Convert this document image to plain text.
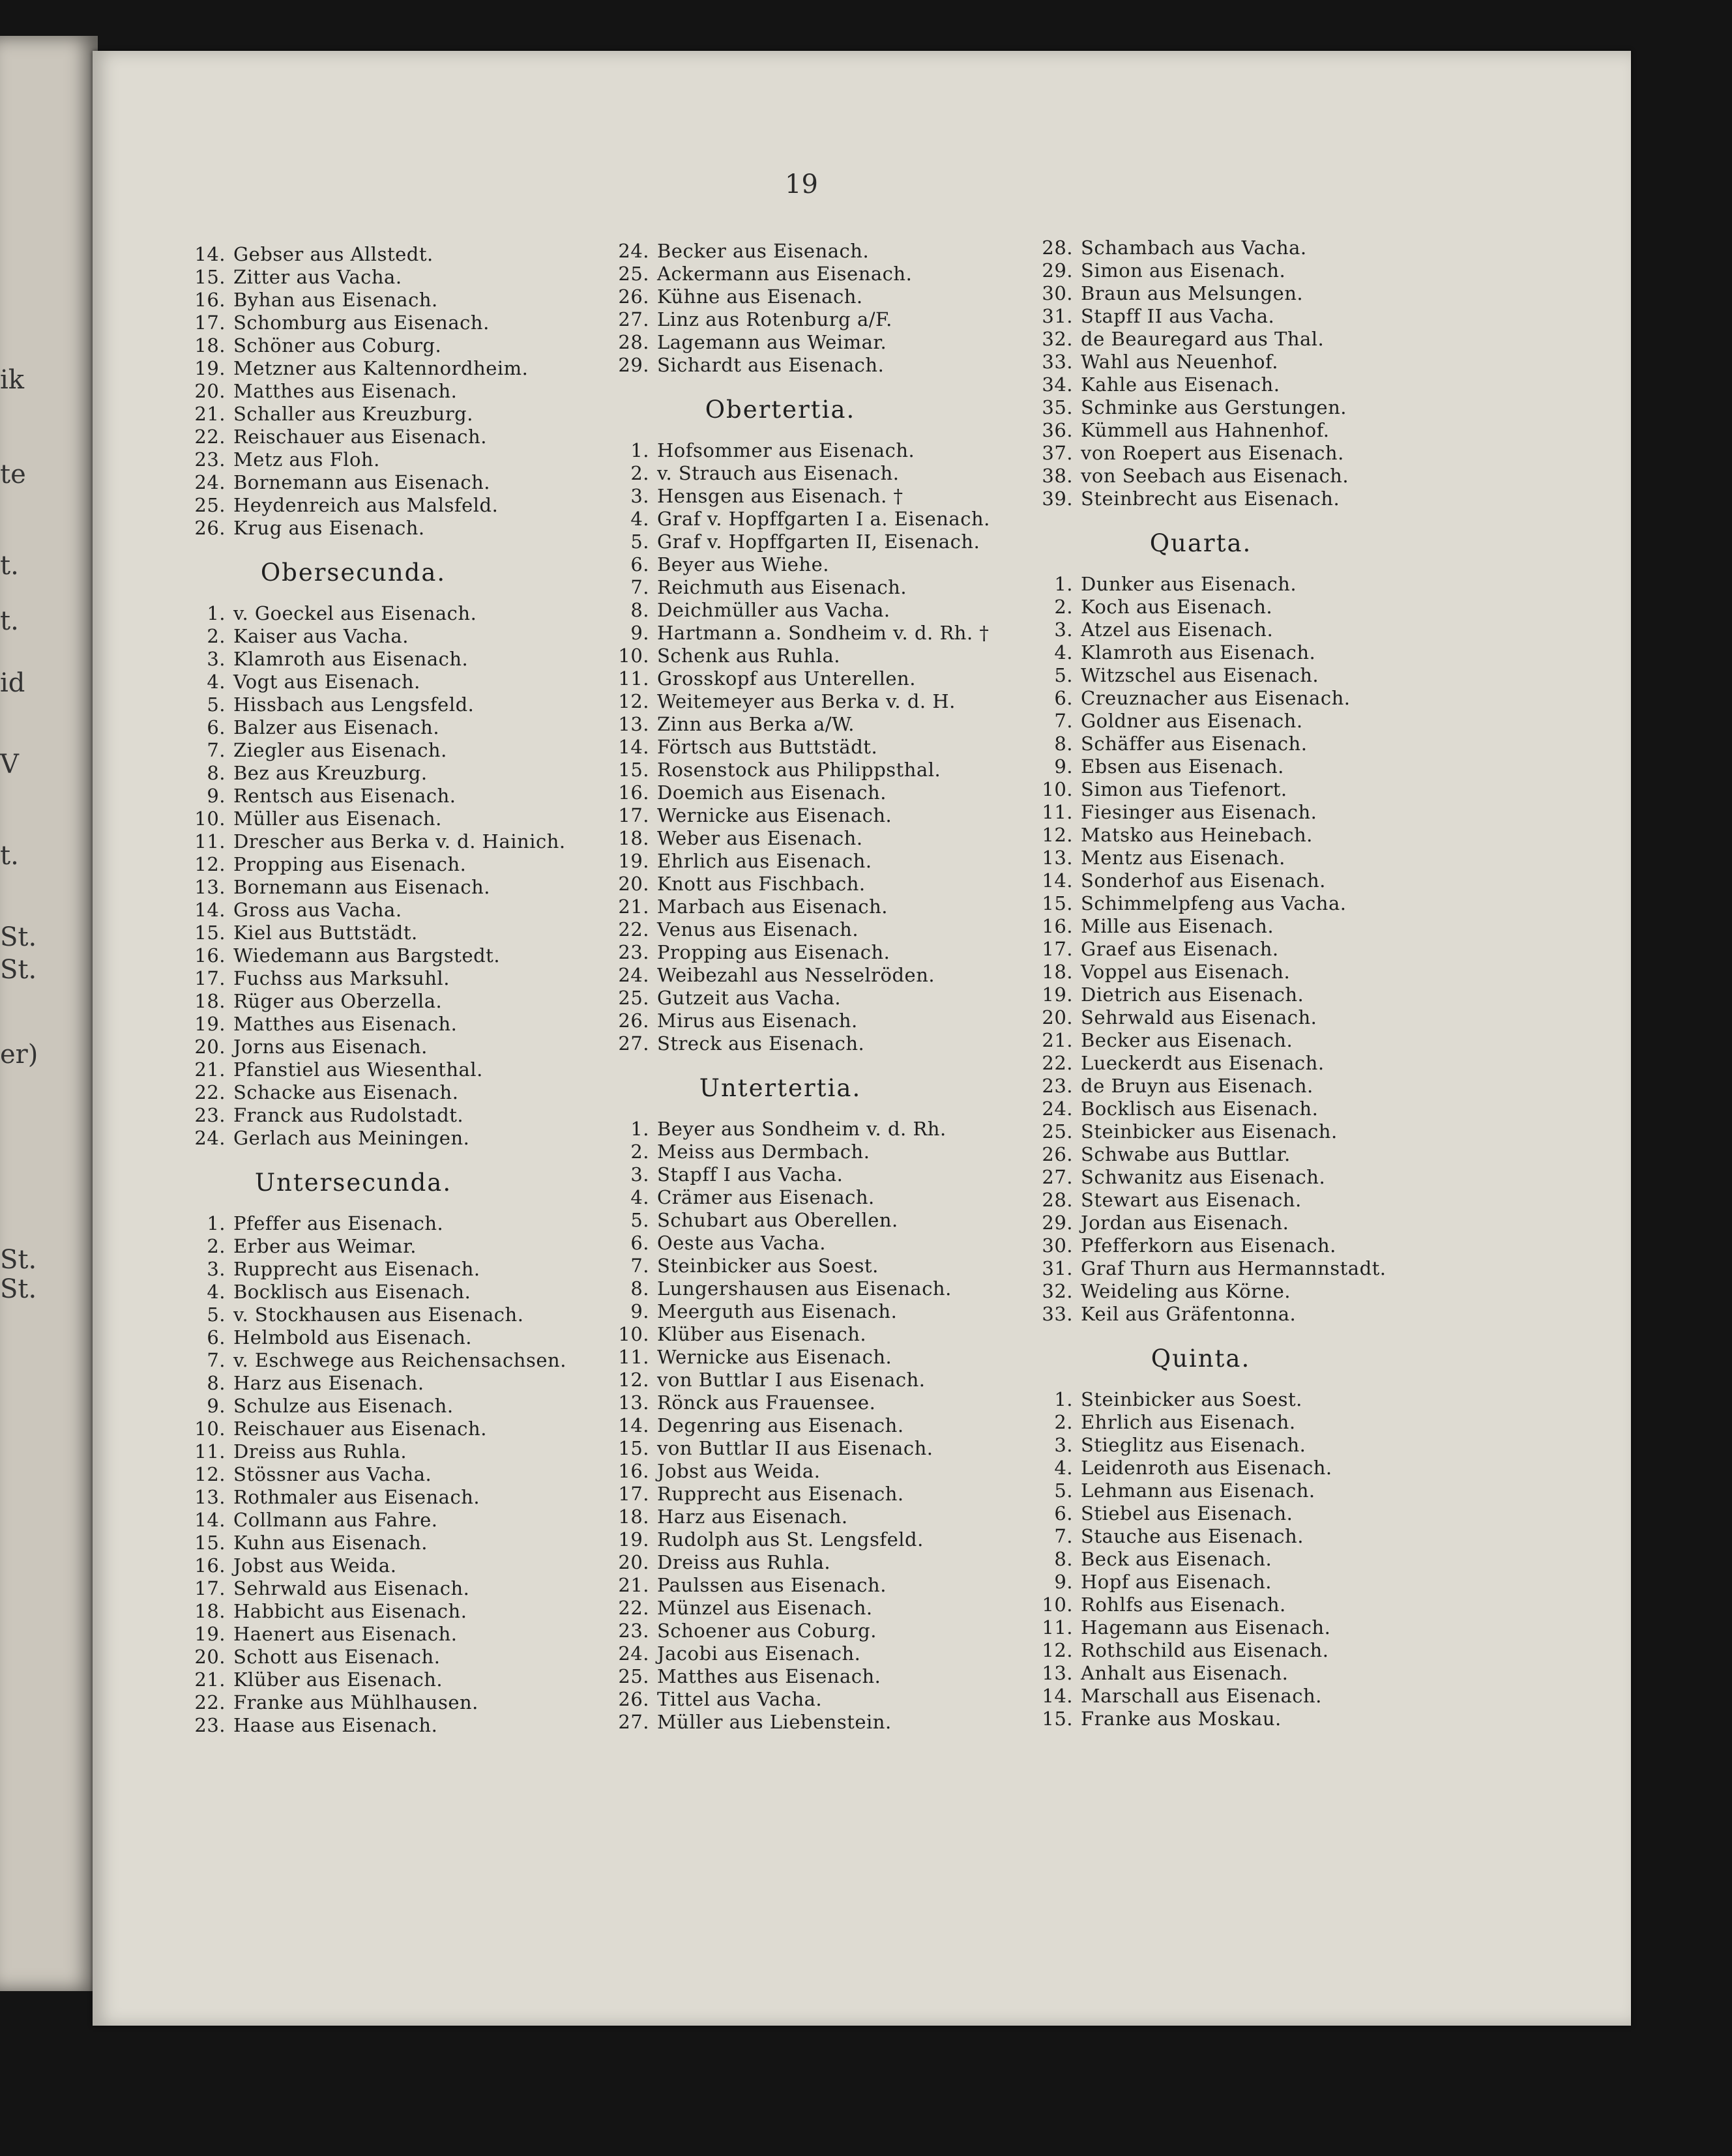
ik
te
t.
t.
id
V
t.
St.
St.
er)
St.
St.
19
14. Gebser aus Allstedt.
15. Zitter aus Vacha.
16. Byhan aus Eisenach.
17. Schomburg aus Eisenach.
18. Schöner aus Coburg.
19. Metzner aus Kaltennordheim.
20. Matthes aus Eisenach.
21. Schaller aus Kreuzburg.
22. Reischauer aus Eisenach.
23. Metz aus Floh.
24. Bornemann aus Eisenach.
25. Heydenreich aus Malsfeld.
26. Krug aus Eisenach.
Obersecunda.
1. v. Goeckel aus Eisenach.
2. Kaiser aus Vacha.
3. Klamroth aus Eisenach.
4. Vogt aus Eisenach.
5. Hissbach aus Lengsfeld.
6. Balzer aus Eisenach.
7. Ziegler aus Eisenach.
8. Bez aus Kreuzburg.
9. Rentsch aus Eisenach.
10. Müller aus Eisenach.
11. Drescher aus Berka v. d. Hainich.
12. Propping aus Eisenach.
13. Bornemann aus Eisenach.
14. Gross aus Vacha.
15. Kiel aus Buttstädt.
16. Wiedemann aus Bargstedt.
17. Fuchss aus Marksuhl.
18. Rüger aus Oberzella.
19. Matthes aus Eisenach.
20. Jorns aus Eisenach.
21. Pfanstiel aus Wiesenthal.
22. Schacke aus Eisenach.
23. Franck aus Rudolstadt.
24. Gerlach aus Meiningen.
Untersecunda.
1. Pfeffer aus Eisenach.
2. Erber aus Weimar.
3. Rupprecht aus Eisenach.
4. Bocklisch aus Eisenach.
5. v. Stockhausen aus Eisenach.
6. Helmbold aus Eisenach.
7. v. Eschwege aus Reichensachsen.
8. Harz aus Eisenach.
9. Schulze aus Eisenach.
10. Reischauer aus Eisenach.
11. Dreiss aus Ruhla.
12. Stössner aus Vacha.
13. Rothmaler aus Eisenach.
14. Collmann aus Fahre.
15. Kuhn aus Eisenach.
16. Jobst aus Weida.
17. Sehrwald aus Eisenach.
18. Habbicht aus Eisenach.
19. Haenert aus Eisenach.
20. Schott aus Eisenach.
21. Klüber aus Eisenach.
22. Franke aus Mühlhausen.
23. Haase aus Eisenach.
24. Becker aus Eisenach.
25. Ackermann aus Eisenach.
26. Kühne aus Eisenach.
27. Linz aus Rotenburg a/F.
28. Lagemann aus Weimar.
29. Sichardt aus Eisenach.
Obertertia.
1. Hofsommer aus Eisenach.
2. v. Strauch aus Eisenach.
3. Hensgen aus Eisenach. †
4. Graf v. Hopffgarten I a. Eisenach.
5. Graf v. Hopffgarten II, Eisenach.
6. Beyer aus Wiehe.
7. Reichmuth aus Eisenach.
8. Deichmüller aus Vacha.
9. Hartmann a. Sondheim v. d. Rh. †
10. Schenk aus Ruhla.
11. Grosskopf aus Unterellen.
12. Weitemeyer aus Berka v. d. H.
13. Zinn aus Berka a/W.
14. Förtsch aus Buttstädt.
15. Rosenstock aus Philippsthal.
16. Doemich aus Eisenach.
17. Wernicke aus Eisenach.
18. Weber aus Eisenach.
19. Ehrlich aus Eisenach.
20. Knott aus Fischbach.
21. Marbach aus Eisenach.
22. Venus aus Eisenach.
23. Propping aus Eisenach.
24. Weibezahl aus Nesselröden.
25. Gutzeit aus Vacha.
26. Mirus aus Eisenach.
27. Streck aus Eisenach.
Untertertia.
1. Beyer aus Sondheim v. d. Rh.
2. Meiss aus Dermbach.
3. Stapff I aus Vacha.
4. Crämer aus Eisenach.
5. Schubart aus Oberellen.
6. Oeste aus Vacha.
7. Steinbicker aus Soest.
8. Lungershausen aus Eisenach.
9. Meerguth aus Eisenach.
10. Klüber aus Eisenach.
11. Wernicke aus Eisenach.
12. von Buttlar I aus Eisenach.
13. Rönck aus Frauensee.
14. Degenring aus Eisenach.
15. von Buttlar II aus Eisenach.
16. Jobst aus Weida.
17. Rupprecht aus Eisenach.
18. Harz aus Eisenach.
19. Rudolph aus St. Lengsfeld.
20. Dreiss aus Ruhla.
21. Paulssen aus Eisenach.
22. Münzel aus Eisenach.
23. Schoener aus Coburg.
24. Jacobi aus Eisenach.
25. Matthes aus Eisenach.
26. Tittel aus Vacha.
27. Müller aus Liebenstein.
28. Schambach aus Vacha.
29. Simon aus Eisenach.
30. Braun aus Melsungen.
31. Stapff II aus Vacha.
32. de Beauregard aus Thal.
33. Wahl aus Neuenhof.
34. Kahle aus Eisenach.
35. Schminke aus Gerstungen.
36. Kümmell aus Hahnenhof.
37. von Roepert aus Eisenach.
38. von Seebach aus Eisenach.
39. Steinbrecht aus Eisenach.
Quarta.
1. Dunker aus Eisenach.
2. Koch aus Eisenach.
3. Atzel aus Eisenach.
4. Klamroth aus Eisenach.
5. Witzschel aus Eisenach.
6. Creuznacher aus Eisenach.
7. Goldner aus Eisenach.
8. Schäffer aus Eisenach.
9. Ebsen aus Eisenach.
10. Simon aus Tiefenort.
11. Fiesinger aus Eisenach.
12. Matsko aus Heinebach.
13. Mentz aus Eisenach.
14. Sonderhof aus Eisenach.
15. Schimmelpfeng aus Vacha.
16. Mille aus Eisenach.
17. Graef aus Eisenach.
18. Voppel aus Eisenach.
19. Dietrich aus Eisenach.
20. Sehrwald aus Eisenach.
21. Becker aus Eisenach.
22. Lueckerdt aus Eisenach.
23. de Bruyn aus Eisenach.
24. Bocklisch aus Eisenach.
25. Steinbicker aus Eisenach.
26. Schwabe aus Buttlar.
27. Schwanitz aus Eisenach.
28. Stewart aus Eisenach.
29. Jordan aus Eisenach.
30. Pfefferkorn aus Eisenach.
31. Graf Thurn aus Hermannstadt.
32. Weideling aus Körne.
33. Keil aus Gräfentonna.
Quinta.
1. Steinbicker aus Soest.
2. Ehrlich aus Eisenach.
3. Stieglitz aus Eisenach.
4. Leidenroth aus Eisenach.
5. Lehmann aus Eisenach.
6. Stiebel aus Eisenach.
7. Stauche aus Eisenach.
8. Beck aus Eisenach.
9. Hopf aus Eisenach.
10. Rohlfs aus Eisenach.
11. Hagemann aus Eisenach.
12. Rothschild aus Eisenach.
13. Anhalt aus Eisenach.
14. Marschall aus Eisenach.
15. Franke aus Moskau.
